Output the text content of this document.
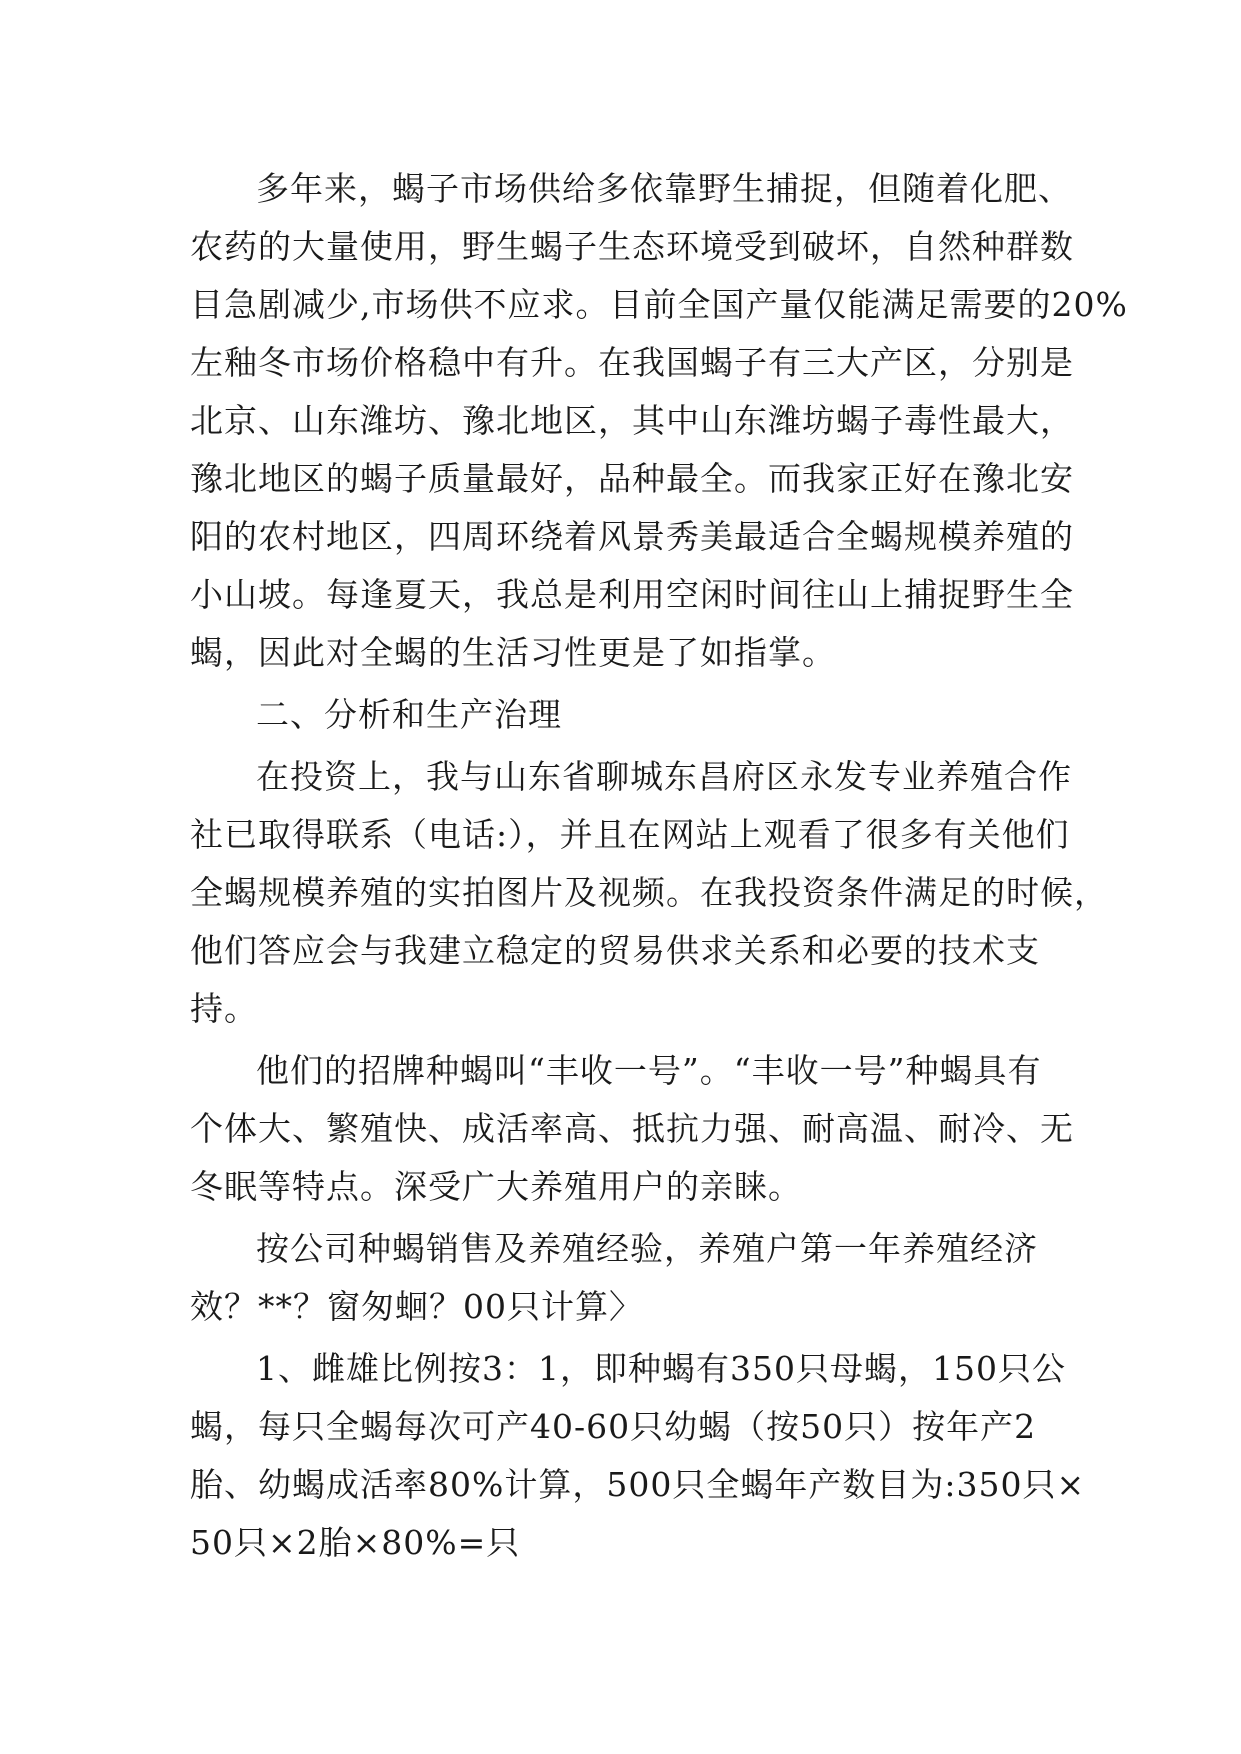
多年来，蝎子市场供给多依靠野生捕捉，但随着化肥、
农药的大量使用，野生蝎子生态环境受到破坏，自然种群数
目急剧减少,市场供不应求。目前全国产量仅能满足需要的20%
左釉冬市场价格稳中有升。在我国蝎子有三大产区，分别是
北京、山东潍坊、豫北地区，其中山东潍坊蝎子毒性最大，
豫北地区的蝎子质量最好，品种最全。而我家正好在豫北安
阳的农村地区，四周环绕着风景秀美最适合全蝎规模养殖的
小山坡。每逢夏天，我总是利用空闲时间往山上捕捉野生全
蝎，因此对全蝎的生活习性更是了如指掌。

二、分析和生产治理

在投资上，我与山东省聊城东昌府区永发专业养殖合作
社已取得联系（电话:），并且在网站上观看了很多有关他们
全蝎规模养殖的实拍图片及视频。在我投资条件满足的时候，
他们答应会与我建立稳定的贸易供求关系和必要的技术支
持。

他们的招牌种蝎叫“丰收一号”。“丰收一号”种蝎具有
个体大、繁殖快、成活率高、抵抗力强、耐高温、耐冷、无
冬眠等特点。深受广大养殖用户的亲睐。

按公司种蝎销售及养殖经验，养殖户第一年养殖经济
效？**？窗匆蛔？00只计算〉

1、雌雄比例按3：1，即种蝎有350只母蝎，150只公
蝎，每只全蝎每次可产40-60只幼蝎（按50只）按年产2
胎、幼蝎成活率80%计算，500只全蝎年产数目为:350只×
50只×2胎×80%=只
